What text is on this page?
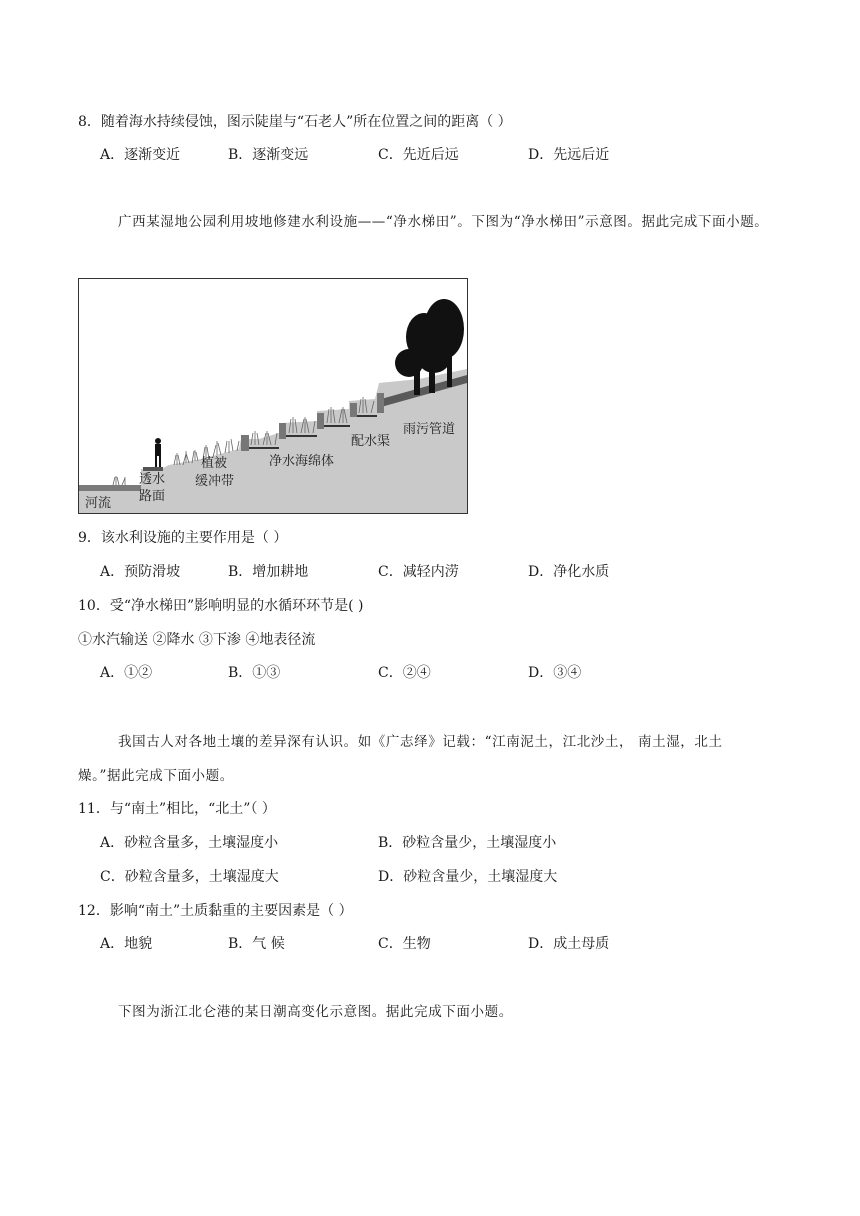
8．随着海水持续侵蚀，图示陡崖与“石老人”所在位置之间的距离（ ）
A．逐渐变近	B．逐渐变远	C．先近后远	D．先远后近
广西某湿地公园利用坡地修建水利设施——“净水梯田”。下图为“净水梯田”示意图。据此完成下面小题。
河流
透水
路面
植被
缓冲带
净水海绵体
配水渠
雨污管道
9．该水利设施的主要作用是（ ）
A．预防滑坡	B．增加耕地	C．减轻内涝	D．净化水质
10．受“净水梯田”影响明显的水循环环节是( )
①水汽输送 ②降水 ③下渗 ④地表径流
A．①②	B．①③	C．②④	D．③④
我国古人对各地土壤的差异深有认识。如《广志绎》记载：“江南泥土，江北沙土， 南土湿，北土
燥。”据此完成下面小题。
11．与“南土”相比，“北土”（ ）
A．砂粒含量多，土壤湿度小	B．砂粒含量少，土壤湿度小
C．砂粒含量多，土壤湿度大	D．砂粒含量少，土壤湿度大
12．影响“南土”土质黏重的主要因素是（ ）
A．地貌	B．气 候	C．生物	D．成土母质
下图为浙江北仑港的某日潮高变化示意图。据此完成下面小题。
